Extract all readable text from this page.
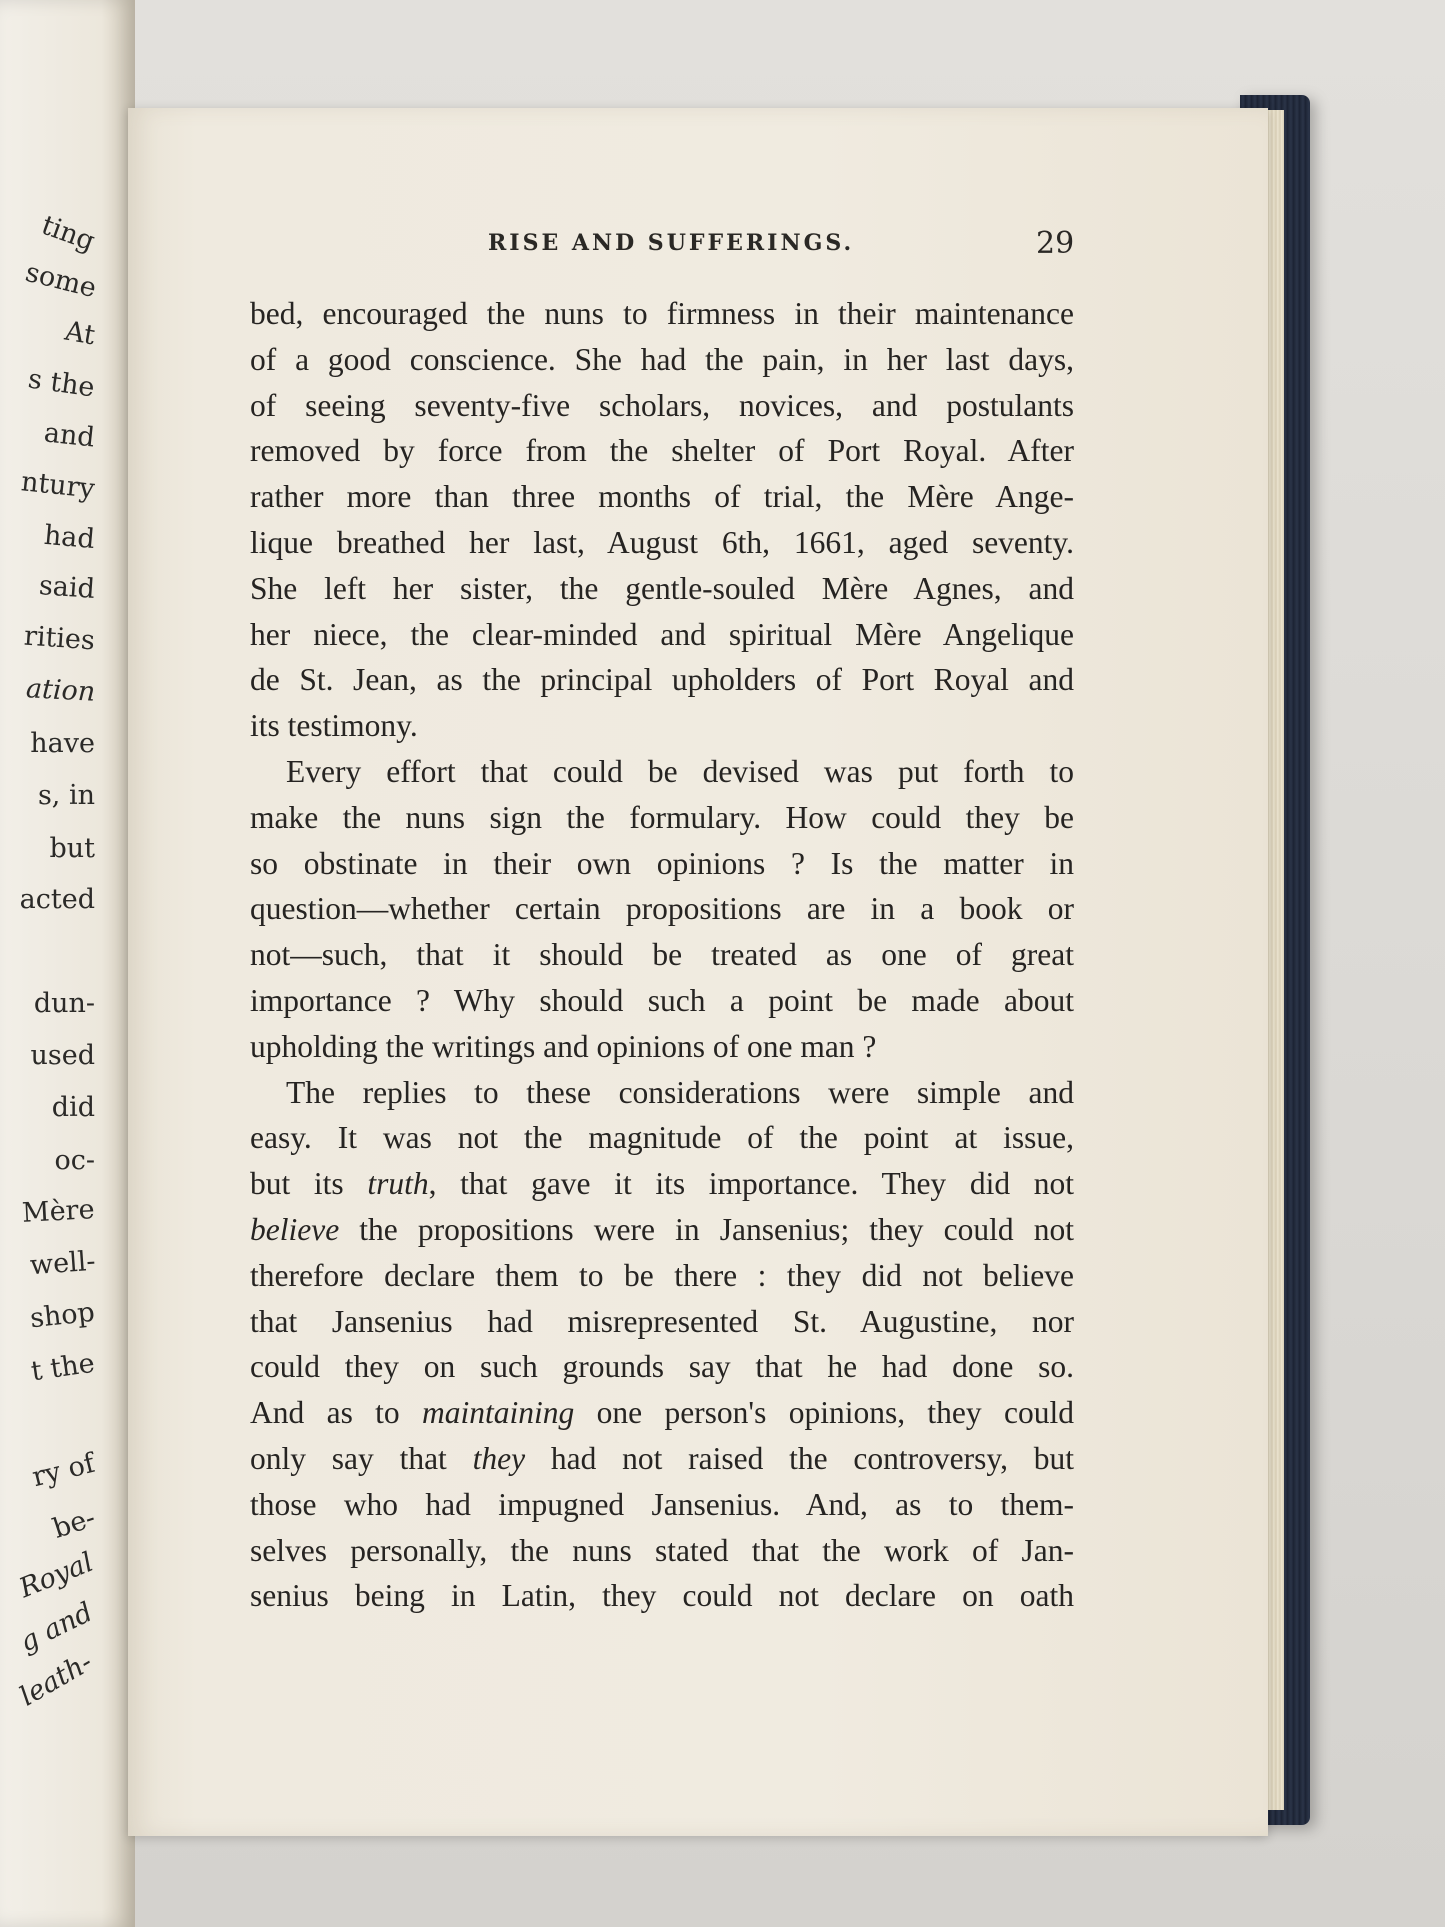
ting
some
At
s the
and
ntury
had
said
rities
ation
have
s, in
but
acted
dun-
used
did
oc-
Mère
well-
shop
t the
ry of
be-
Royal
g and
leath-
RISE AND SUFFERINGS.	29
bed, encouraged the nuns to firmness in their maintenance
of a good conscience. She had the pain, in her last days,
of seeing seventy-five scholars, novices, and postulants
removed by force from the shelter of Port Royal. After
rather more than three months of trial, the Mère Ange-
lique breathed her last, August 6th, 1661, aged seventy.
She left her sister, the gentle-souled Mère Agnes, and
her niece, the clear-minded and spiritual Mère Angelique
de St. Jean, as the principal upholders of Port Royal and
its testimony.
Every effort that could be devised was put forth to
make the nuns sign the formulary. How could they be
so obstinate in their own opinions ? Is the matter in
question—whether certain propositions are in a book or
not—such, that it should be treated as one of great
importance ? Why should such a point be made about
upholding the writings and opinions of one man ?
The replies to these considerations were simple and
easy. It was not the magnitude of the point at issue,
but its truth, that gave it its importance. They did not
believe the propositions were in Jansenius; they could not
therefore declare them to be there : they did not believe
that Jansenius had misrepresented St. Augustine, nor
could they on such grounds say that he had done so.
And as to maintaining one person's opinions, they could
only say that they had not raised the controversy, but
those who had impugned Jansenius. And, as to them-
selves personally, the nuns stated that the work of Jan-
senius being in Latin, they could not declare on oath
